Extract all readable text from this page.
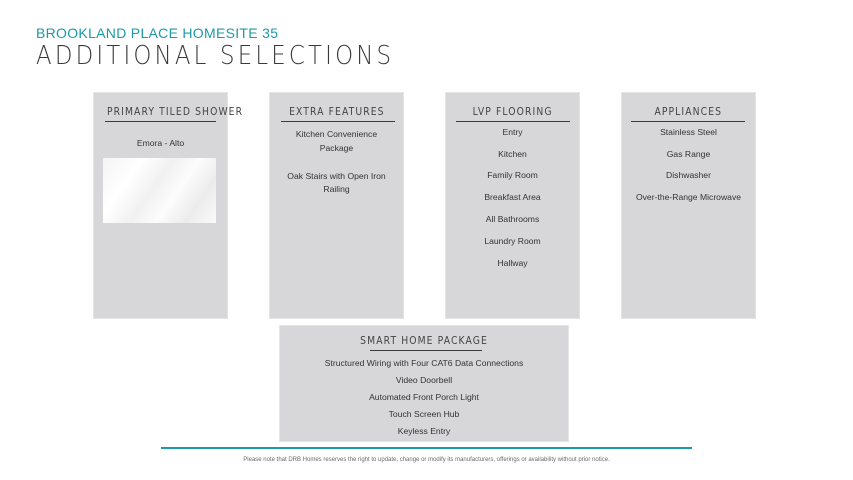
BROOKLAND PLACE HOMESITE 35
ADDITIONAL SELECTIONS
PRIMARY TILED SHOWER
Emora - Alto
EXTRA FEATURES
Kitchen Convenience
Package
Oak Stairs with Open Iron
Railing
LVP FLOORING
Entry
Kitchen
Family Room
Breakfast Area
All Bathrooms
Laundry Room
Hallway
APPLIANCES
Stainless Steel
Gas Range
Dishwasher
Over-the-Range Microwave
SMART HOME PACKAGE
Structured Wiring with Four CAT6 Data Connections
Video Doorbell
Automated Front Porch Light
Touch Screen Hub
Keyless Entry
Please note that DRB Homes reserves the right to update, change or modify its manufacturers, offerings or availability without prior notice.
